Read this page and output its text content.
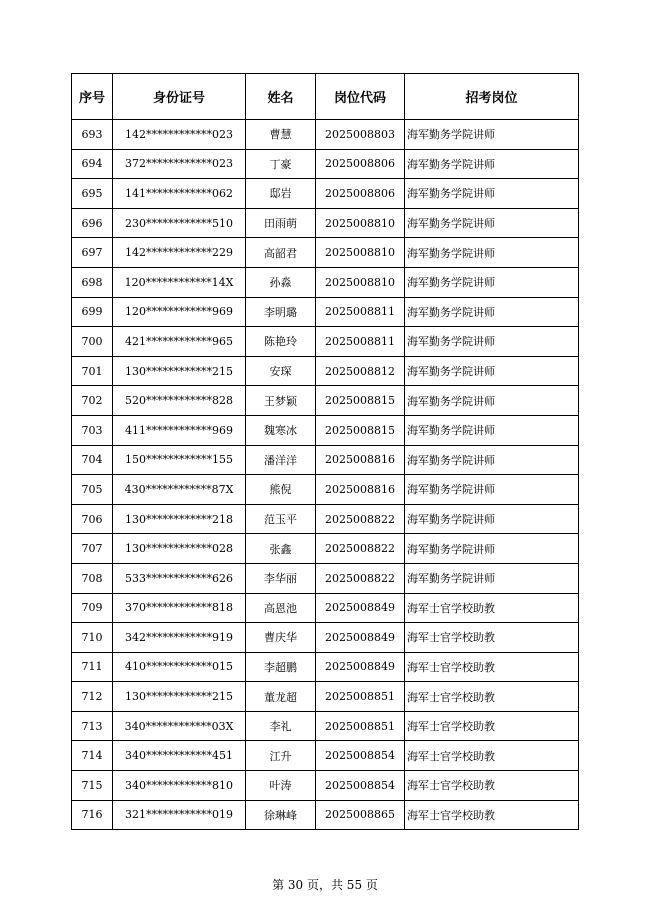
序号	身份证号	姓名	岗位代码	招考岗位
693	142************023	曹慧	2025008803	海军勤务学院讲师
694	372************023	丁豪	2025008806	海军勤务学院讲师
695	141************062	邸岩	2025008806	海军勤务学院讲师
696	230************510	田雨萌	2025008810	海军勤务学院讲师
697	142************229	高韶君	2025008810	海军勤务学院讲师
698	120************14X	孙淼	2025008810	海军勤务学院讲师
699	120************969	李明璐	2025008811	海军勤务学院讲师
700	421************965	陈艳玲	2025008811	海军勤务学院讲师
701	130************215	安琛	2025008812	海军勤务学院讲师
702	520************828	王梦颖	2025008815	海军勤务学院讲师
703	411************969	魏寒冰	2025008815	海军勤务学院讲师
704	150************155	潘洋洋	2025008816	海军勤务学院讲师
705	430************87X	熊倪	2025008816	海军勤务学院讲师
706	130************218	范玉平	2025008822	海军勤务学院讲师
707	130************028	张鑫	2025008822	海军勤务学院讲师
708	533************626	李华丽	2025008822	海军勤务学院讲师
709	370************818	高恩池	2025008849	海军士官学校助教
710	342************919	曹庆华	2025008849	海军士官学校助教
711	410************015	李超鹏	2025008849	海军士官学校助教
712	130************215	董龙超	2025008851	海军士官学校助教
713	340************03X	李礼	2025008851	海军士官学校助教
714	340************451	江升	2025008854	海军士官学校助教
715	340************810	叶涛	2025008854	海军士官学校助教
716	321************019	徐琳峰	2025008865	海军士官学校助教
第 30 页，共 55 页
